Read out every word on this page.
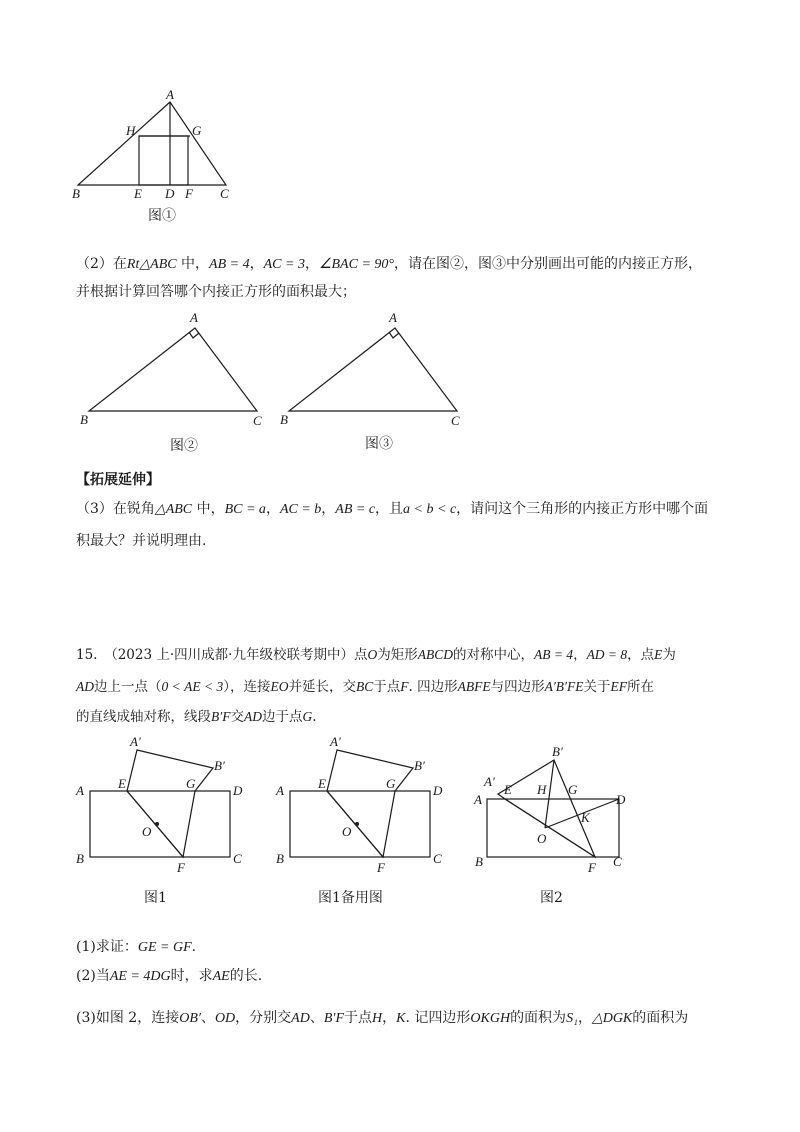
A
H	G
B	E D F C
图①
（2）在Rt△ABC 中，AB = 4，AC = 3，∠BAC = 90°，请在图②，图③中分别画出可能的内接正方形，
并根据计算回答哪个内接正方形的面积最大；
A
B	C
图②
A
B	C
图③
【拓展延伸】
（3）在锐角△ABC 中，BC = a，AC = b，AB = c，且a < b < c，请问这个三角形的内接正方形中哪个面
积最大？并说明理由.
15.　（2023 上·四川成都·九年级校联考期中）点O为矩形ABCD的对称中心，AB = 4，AD = 8，点E为
AD边上一点（0 < AE < 3），连接EO并延长，交BC于点F. 四边形ABFE与四边形A′B′FE关于EF所在
的直线成轴对称，线段B′F交AD边于点G.
A′
B′
E	G
A	D
O
B
F
C
图1
A′
B′
E	G
A	D
O
B
F
C
图1备用图
B′
A′
E H G
A	D
K
O
B	F C
图2
(1)求证：GE = GF.
(2)当AE = 4DG时，求AE的长.
(3)如图 2，连接OB′、OD，分别交AD、B′F于点H，K. 记四边形OKGH的面积为S₁，△DGK的面积为
